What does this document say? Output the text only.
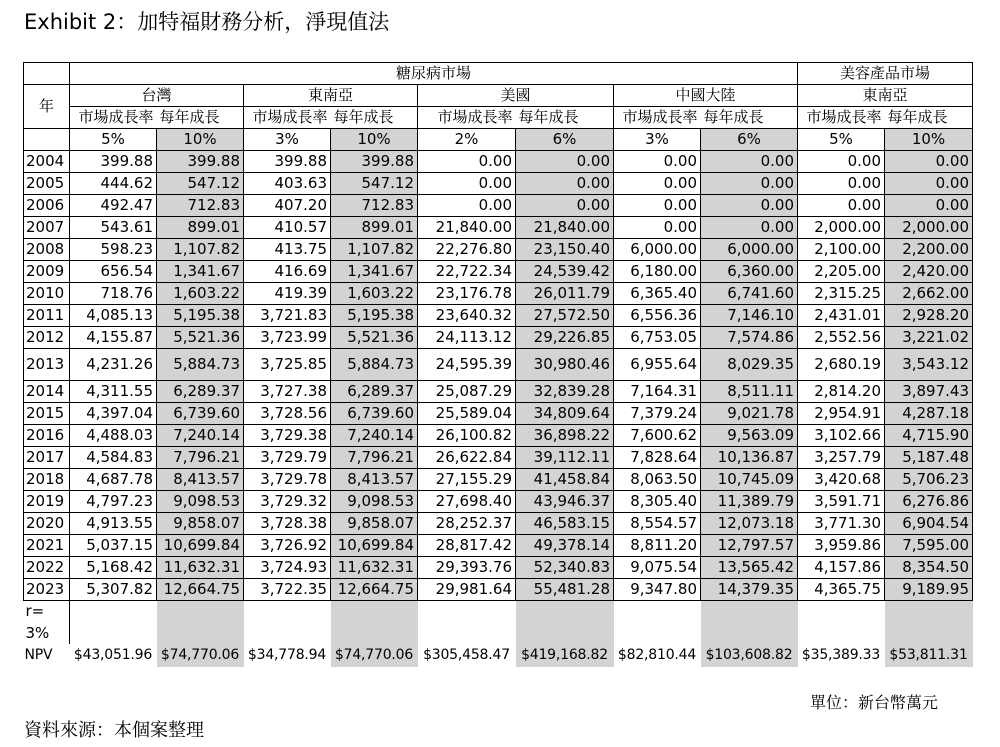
Exhibit 2：加特福財務分析，淨現值法
	糖尿病市場								美容產品市場	
年	台灣		東南亞		美國		中國大陸		東南亞	
	市場成長率	每年成長	市場成長率	每年成長	市場成長率	每年成長	市場成長率	每年成長	市場成長率	每年成長
	5%	10%	3%	10%	2%	6%	3%	6%	5%	10%
2004	399.88	399.88	399.88	399.88	0.00	0.00	0.00	0.00	0.00	0.00
2005	444.62	547.12	403.63	547.12	0.00	0.00	0.00	0.00	0.00	0.00
2006	492.47	712.83	407.20	712.83	0.00	0.00	0.00	0.00	0.00	0.00
2007	543.61	899.01	410.57	899.01	21,840.00	21,840.00	0.00	0.00	2,000.00	2,000.00
2008	598.23	1,107.82	413.75	1,107.82	22,276.80	23,150.40	6,000.00	6,000.00	2,100.00	2,200.00
2009	656.54	1,341.67	416.69	1,341.67	22,722.34	24,539.42	6,180.00	6,360.00	2,205.00	2,420.00
2010	718.76	1,603.22	419.39	1,603.22	23,176.78	26,011.79	6,365.40	6,741.60	2,315.25	2,662.00
2011	4,085.13	5,195.38	3,721.83	5,195.38	23,640.32	27,572.50	6,556.36	7,146.10	2,431.01	2,928.20
2012	4,155.87	5,521.36	3,723.99	5,521.36	24,113.12	29,226.85	6,753.05	7,574.86	2,552.56	3,221.02
2013	4,231.26	5,884.73	3,725.85	5,884.73	24,595.39	30,980.46	6,955.64	8,029.35	2,680.19	3,543.12
2014	4,311.55	6,289.37	3,727.38	6,289.37	25,087.29	32,839.28	7,164.31	8,511.11	2,814.20	3,897.43
2015	4,397.04	6,739.60	3,728.56	6,739.60	25,589.04	34,809.64	7,379.24	9,021.78	2,954.91	4,287.18
2016	4,488.03	7,240.14	3,729.38	7,240.14	26,100.82	36,898.22	7,600.62	9,563.09	3,102.66	4,715.90
2017	4,584.83	7,796.21	3,729.79	7,796.21	26,622.84	39,112.11	7,828.64	10,136.87	3,257.79	5,187.48
2018	4,687.78	8,413.57	3,729.78	8,413.57	27,155.29	41,458.84	8,063.50	10,745.09	3,420.68	5,706.23
2019	4,797.23	9,098.53	3,729.32	9,098.53	27,698.40	43,946.37	8,305.40	11,389.79	3,591.71	6,276.86
2020	4,913.55	9,858.07	3,728.38	9,858.07	28,252.37	46,583.15	8,554.57	12,073.18	3,771.30	6,904.54
2021	5,037.15	10,699.84	3,726.92	10,699.84	28,817.42	49,378.14	8,811.20	12,797.57	3,959.86	7,595.00
2022	5,168.42	11,632.31	3,724.93	11,632.31	29,393.76	52,340.83	9,075.54	13,565.42	4,157.86	8,354.50
2023	5,307.82	12,664.75	3,722.35	12,664.75	29,981.64	55,481.28	9,347.80	14,379.35	4,365.75	9,189.95
r=										
3%										
NPV	$43,051.96	$74,770.06	$34,778.94	$74,770.06	$305,458.47	$419,168.82	$82,810.44	$103,608.82	$35,389.33	$53,811.31
單位：新台幣萬元
資料來源：本個案整理
